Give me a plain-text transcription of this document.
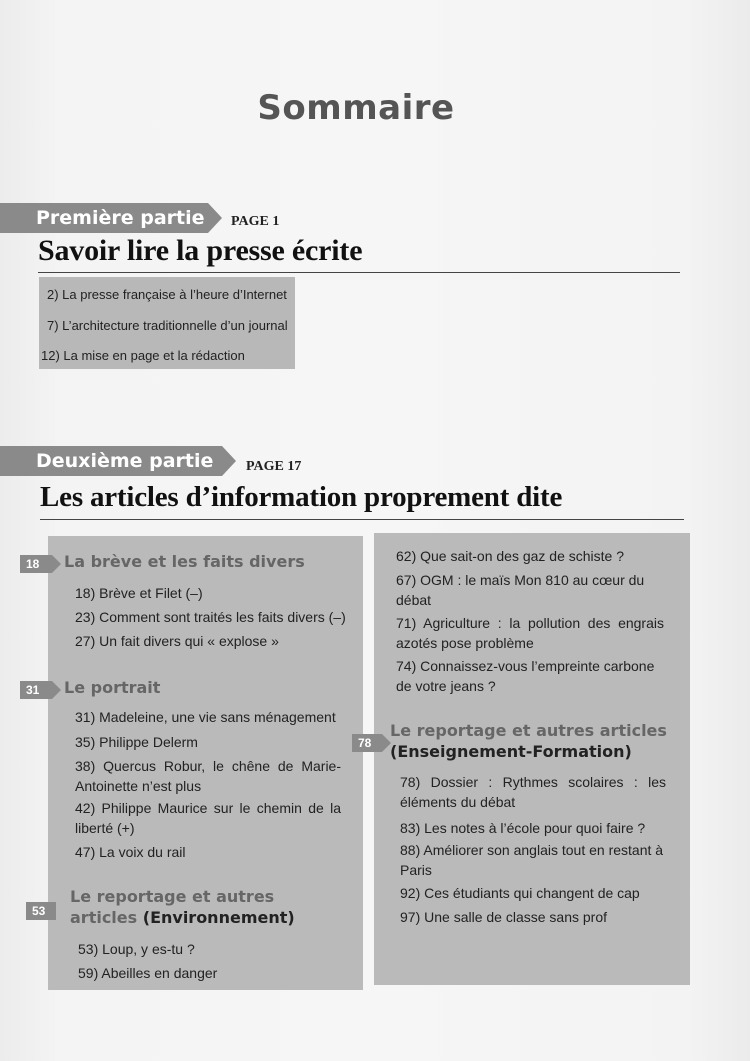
Sommaire
Première partie PAGE 1
Savoir lire la presse écrite
2) La presse française à l’heure d’Internet
7) L’architecture traditionnelle d’un journal
12) La mise en page et la rédaction
Deuxième partie	PAGE 17
Les articles d’information proprement dite
18	La brève et les faits divers
18) Brève et Filet (–)
23) Comment sont traités les faits divers (–)
27) Un fait divers qui « explose »
31	Le portrait
31) Madeleine, une vie sans ménagement
35) Philippe Delerm
38) Quercus Robur, le chêne de Marie-Antoinette n’est plus
42) Philippe Maurice sur le chemin de la liberté (+)
47) La voix du rail
53
Le reportage et autres
articles (Environnement)
53) Loup, y es-tu ?
59) Abeilles en danger
62) Que sait-on des gaz de schiste ?
67) OGM : le maïs Mon 810 au cœur du débat
71) Agriculture : la pollution des engrais azotés pose problème
74) Connaissez-vous l’empreinte carbone de votre jeans ?
78
Le reportage et autres articles
(Enseignement-Formation)
78) Dossier : Rythmes scolaires : les éléments du débat
83) Les notes à l’école pour quoi faire ?
88) Améliorer son anglais tout en restant à Paris
92) Ces étudiants qui changent de cap
97) Une salle de classe sans prof
